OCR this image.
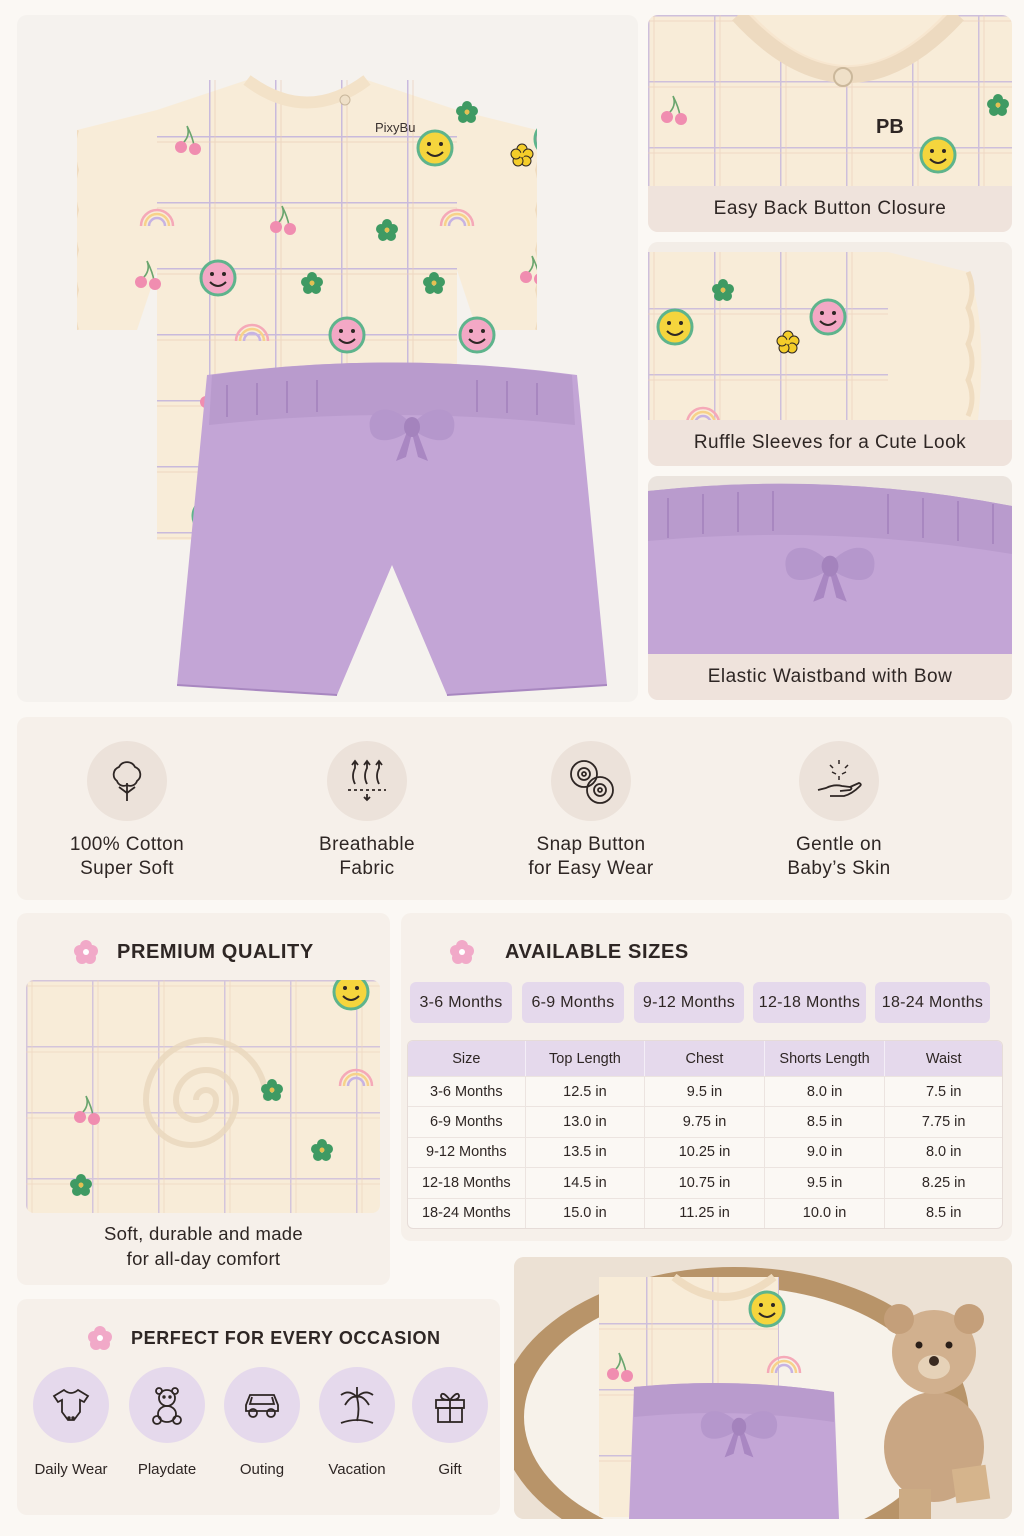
PixyBu	PB
Easy Back Button Closure
Ruffle Sleeves for a Cute Look
Elastic Waistband with Bow
100% Cotton
Super Soft
Breathable
Fabric
Snap Button
for Easy Wear
Gentle on
Baby’s Skin
PREMIUM QUALITY
Soft, durable and made
for all-day comfort
AVAILABLE SIZES
3-6 Months	6-9 Months	9-12 Months	12-18 Months	18-24 Months
Size	Top Length	Chest	Shorts Length	Waist
3-6 Months	12.5 in	9.5 in	8.0 in	7.5 in
6-9 Months	13.0 in	9.75 in	8.5 in	7.75 in
9-12 Months	13.5 in	10.25 in	9.0 in	8.0 in
12-18 Months	14.5 in	10.75 in	9.5 in	8.25 in
18-24 Months	15.0 in	11.25 in	10.0 in	8.5 in
PERFECT FOR EVERY OCCASION
Daily Wear	Playdate	Outing	Vacation	Gift
